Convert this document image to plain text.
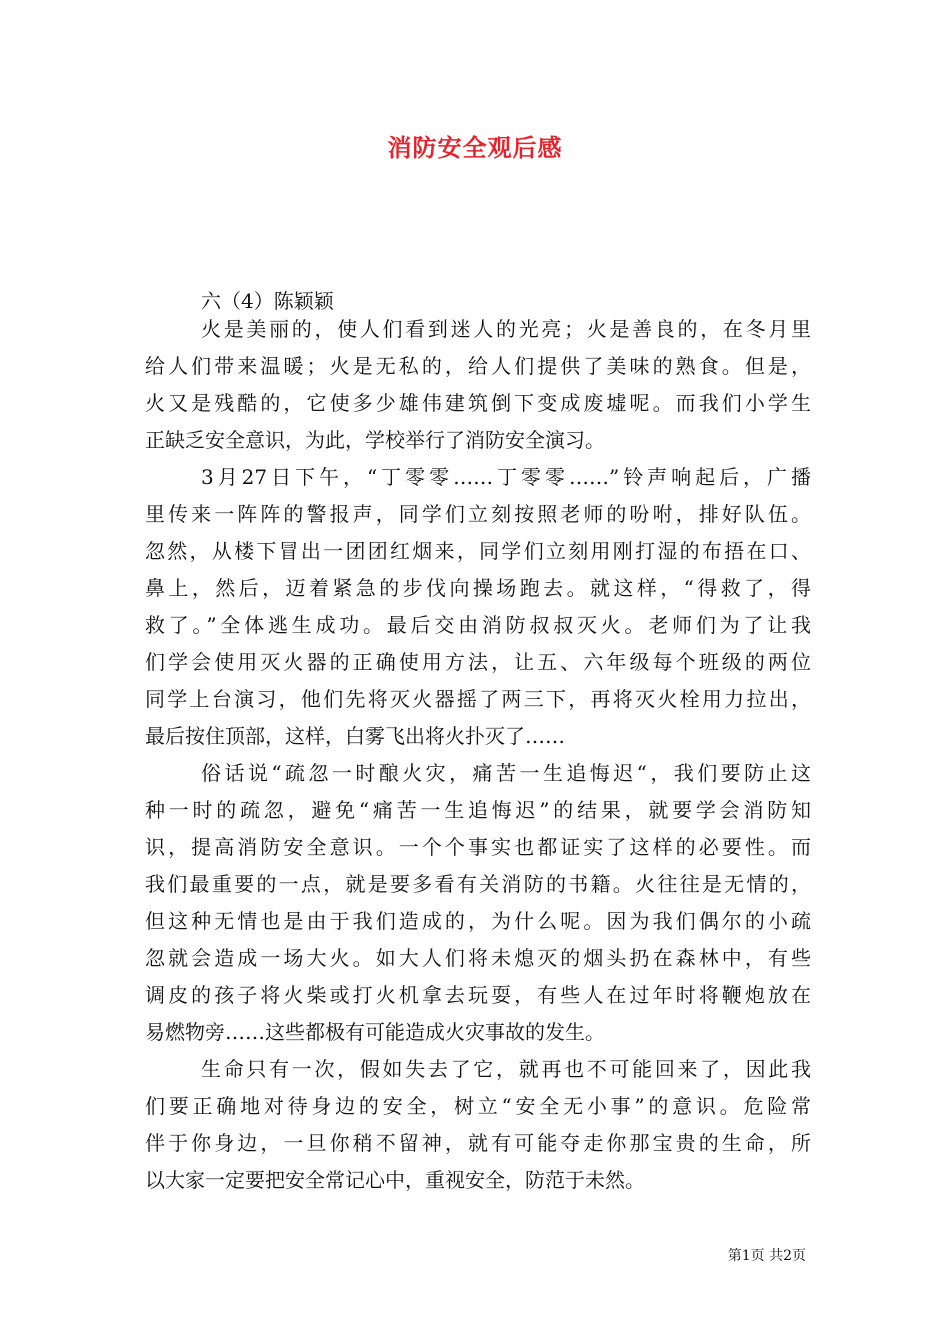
消防安全观后感
六（4）陈颖颖

火是美丽的，使人们看到迷人的光亮；火是善良的，在冬月里
给人们带来温暖；火是无私的，给人们提供了美味的熟食。但是，
火又是残酷的，它使多少雄伟建筑倒下变成废墟呢。而我们小学生
正缺乏安全意识，为此，学校举行了消防安全演习。

3月27日下午，“丁零零……丁零零……”铃声响起后，广播
里传来一阵阵的警报声，同学们立刻按照老师的吩咐，排好队伍。
忽然，从楼下冒出一团团红烟来，同学们立刻用刚打湿的布捂在口、
鼻上，然后，迈着紧急的步伐向操场跑去。就这样，“得救了，得
救了。”全体逃生成功。最后交由消防叔叔灭火。老师们为了让我
们学会使用灭火器的正确使用方法，让五、六年级每个班级的两位
同学上台演习，他们先将灭火器摇了两三下，再将灭火栓用力拉出，
最后按住顶部，这样，白雾飞出将火扑灭了……

俗话说“疏忽一时酿火灾，痛苦一生追悔迟“，我们要防止这
种一时的疏忽，避免“痛苦一生追悔迟”的结果，就要学会消防知
识，提高消防安全意识。一个个事实也都证实了这样的必要性。而
我们最重要的一点，就是要多看有关消防的书籍。火往往是无情的，
但这种无情也是由于我们造成的，为什么呢。因为我们偶尔的小疏
忽就会造成一场大火。如大人们将未熄灭的烟头扔在森林中，有些
调皮的孩子将火柴或打火机拿去玩耍，有些人在过年时将鞭炮放在
易燃物旁……这些都极有可能造成火灾事故的发生。

生命只有一次，假如失去了它，就再也不可能回来了，因此我
们要正确地对待身边的安全，树立“安全无小事”的意识。危险常
伴于你身边，一旦你稍不留神，就有可能夺走你那宝贵的生命，所
以大家一定要把安全常记心中，重视安全，防范于未然。

第1页 共2页
